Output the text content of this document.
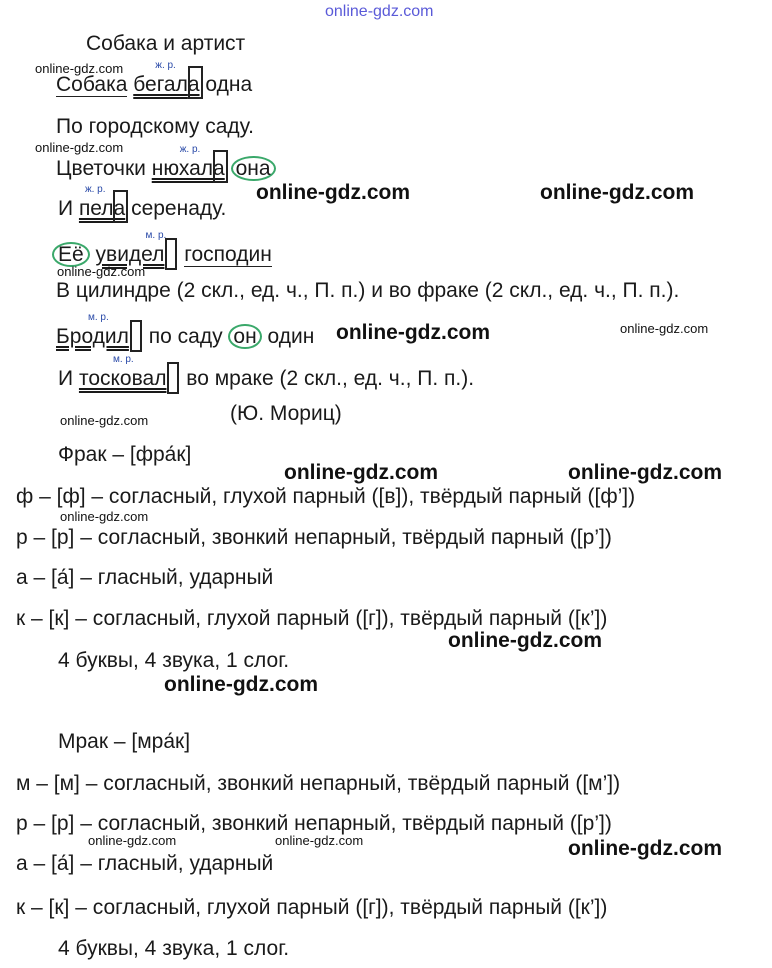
online-gdz.com
Собака и артист
Собака
ж. р.
бегала
одна
По городскому саду.
Цветочки
ж. р.
нюхала она
И
ж. р.
пела
серенаду.
Её
м. р.
увидел господин
В цилиндре (2 скл., ед. ч., П. п.) и во фраке (2 скл., ед. ч., П. п.).
м. р.
Бродил по саду он один
И
м. р.
тосковал во мраке (2 скл., ед. ч., П. п.).
(Ю. Мориц)
Фрак – [фра́к]
ф – [ф] – согласный, глухой парный ([в]), твёрдый парный ([ф’])
р – [р] – согласный, звонкий непарный, твёрдый парный ([р’])
а – [а́] – гласный, ударный
к – [к] – согласный, глухой парный ([г]), твёрдый парный ([к’])
4 буквы, 4 звука, 1 слог.
Мрак – [мра́к]
м – [м] – согласный, звонкий непарный, твёрдый парный ([м’])
р – [р] – согласный, звонкий непарный, твёрдый парный ([р’])
а – [а́] – гласный, ударный
к – [к] – согласный, глухой парный ([г]), твёрдый парный ([к’])
4 буквы, 4 звука, 1 слог.
online-gdz.com
online-gdz.com
online-gdz.com	online-gdz.com
online-gdz.com
online-gdz.com	online-gdz.com
online-gdz.com
online-gdz.com	online-gdz.com
online-gdz.com
online-gdz.com
online-gdz.com
online-gdz.com	online-gdz.com	online-gdz.com
